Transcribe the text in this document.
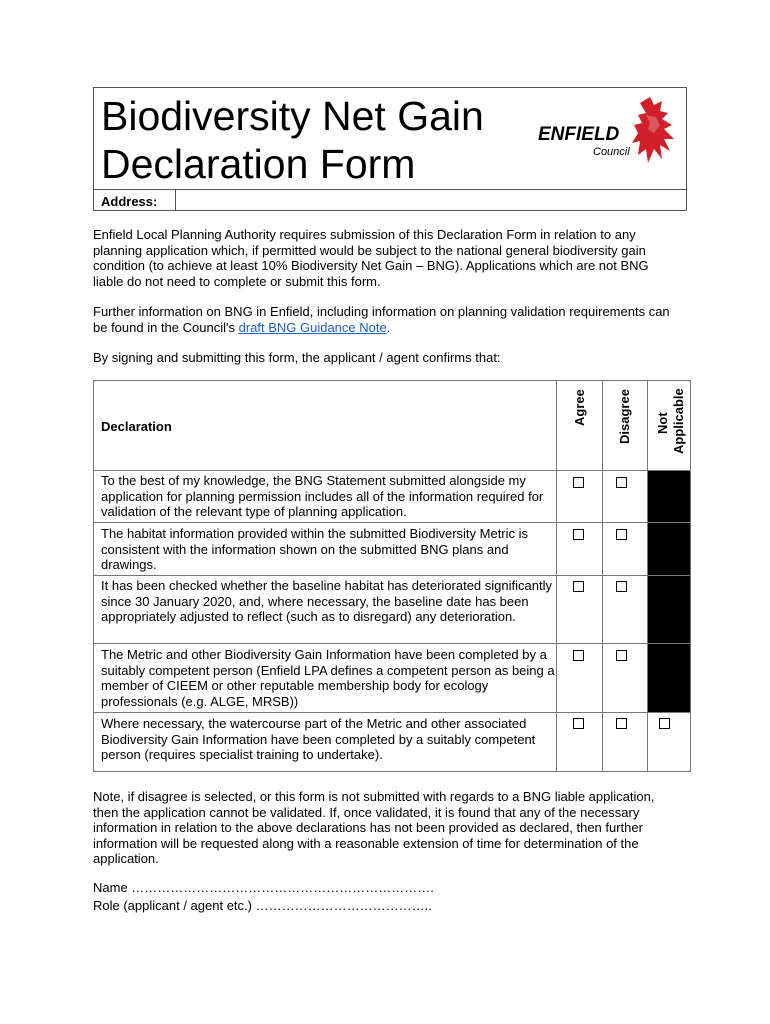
Biodiversity Net Gain
Declaration Form
ENFIELD
Council
Address:
Enfield Local Planning Authority requires submission of this Declaration Form in relation to any planning application which, if permitted would be subject to the national general biodiversity gain condition (to achieve at least 10% Biodiversity Net Gain – BNG). Applications which are not BNG liable do not need to complete or submit this form.
Further information on BNG in Enfield, including information on planning validation requirements can be found in the Council's draft BNG Guidance Note.
By signing and submitting this form, the applicant / agent confirms that:
Declaration
Agree Disagree Not Applicable
To the best of my knowledge, the BNG Statement submitted alongside my application for planning permission includes all of the information required for validation of the relevant type of planning application.
The habitat information provided within the submitted Biodiversity Metric is consistent with the information shown on the submitted BNG plans and drawings.
It has been checked whether the baseline habitat has deteriorated significantly since 30 January 2020, and, where necessary, the baseline date has been appropriately adjusted to reflect (such as to disregard) any deterioration.
The Metric and other Biodiversity Gain Information have been completed by a suitably competent person (Enfield LPA defines a competent person as being a member of CIEEM or other reputable membership body for ecology professionals (e.g. ALGE, MRSB))
Where necessary, the watercourse part of the Metric and other associated Biodiversity Gain Information have been completed by a suitably competent person (requires specialist training to undertake).
Note, if disagree is selected, or this form is not submitted with regards to a BNG liable application, then the application cannot be validated. If, once validated, it is found that any of the necessary information in relation to the above declarations has not been provided as declared, then further information will be requested along with a reasonable extension of time for determination of the application.
Name …………………………………………………………….
Role (applicant / agent etc.) …………………………………..
